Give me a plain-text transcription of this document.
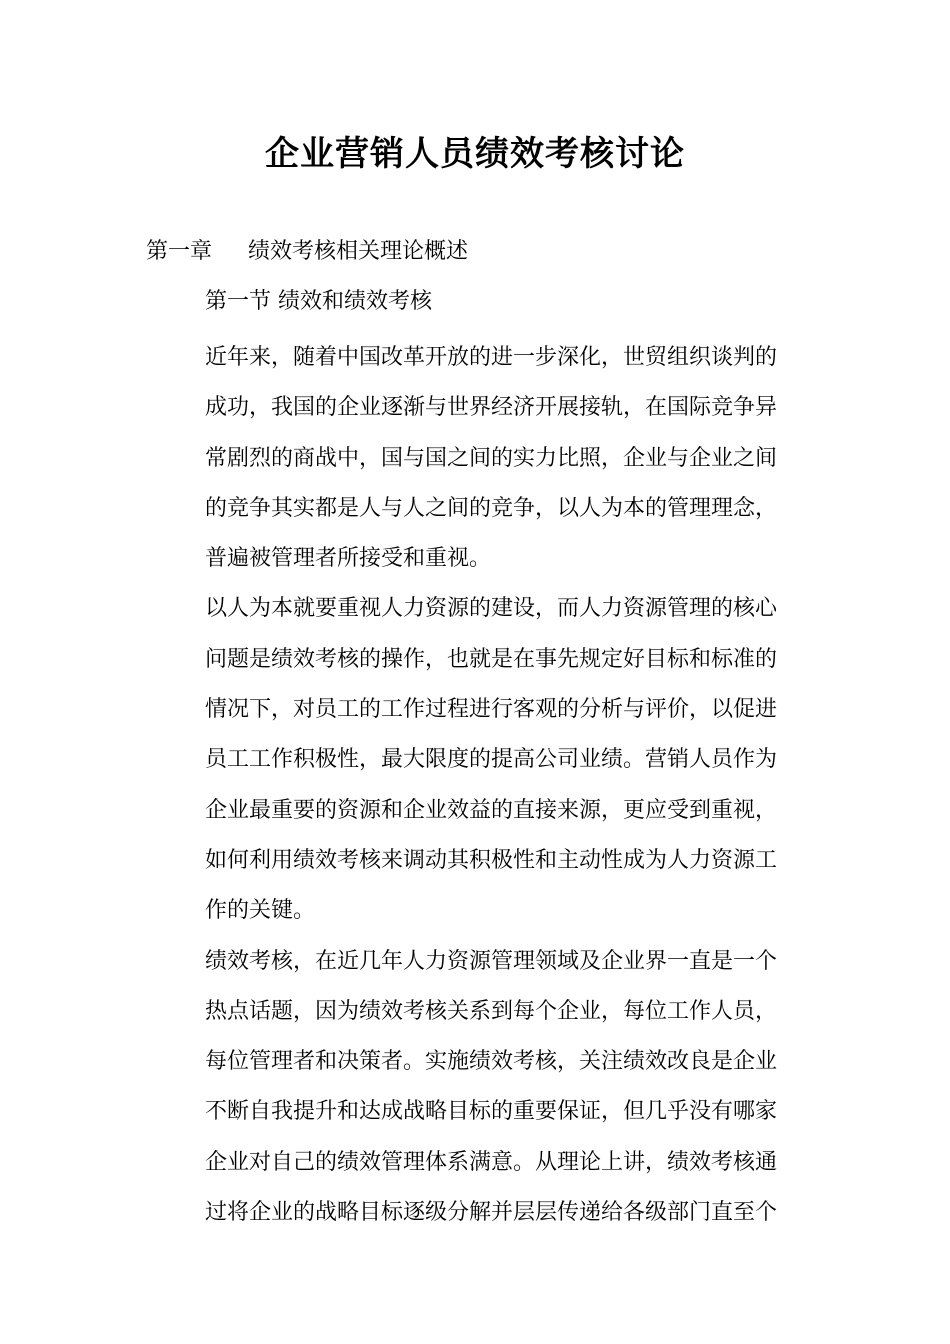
企业营销人员绩效考核讨论
第一章 绩效考核相关理论概述
第一节 绩效和绩效考核
近年来，随着中国改革开放的进一步深化，世贸组织谈判的
成功，我国的企业逐渐与世界经济开展接轨，在国际竞争异
常剧烈的商战中，国与国之间的实力比照，企业与企业之间
的竞争其实都是人与人之间的竞争，以人为本的管理理念，
普遍被管理者所接受和重视。
以人为本就要重视人力资源的建设，而人力资源管理的核心
问题是绩效考核的操作，也就是在事先规定好目标和标准的
情况下，对员工的工作过程进行客观的分析与评价，以促进
员工工作积极性，最大限度的提高公司业绩。营销人员作为
企业最重要的资源和企业效益的直接来源，更应受到重视，
如何利用绩效考核来调动其积极性和主动性成为人力资源工
作的关键。
绩效考核，在近几年人力资源管理领域及企业界一直是一个
热点话题，因为绩效考核关系到每个企业，每位工作人员，
每位管理者和决策者。实施绩效考核，关注绩效改良是企业
不断自我提升和达成战略目标的重要保证，但几乎没有哪家
企业对自己的绩效管理体系满意。从理论上讲，绩效考核通
过将企业的战略目标逐级分解并层层传递给各级部门直至个
